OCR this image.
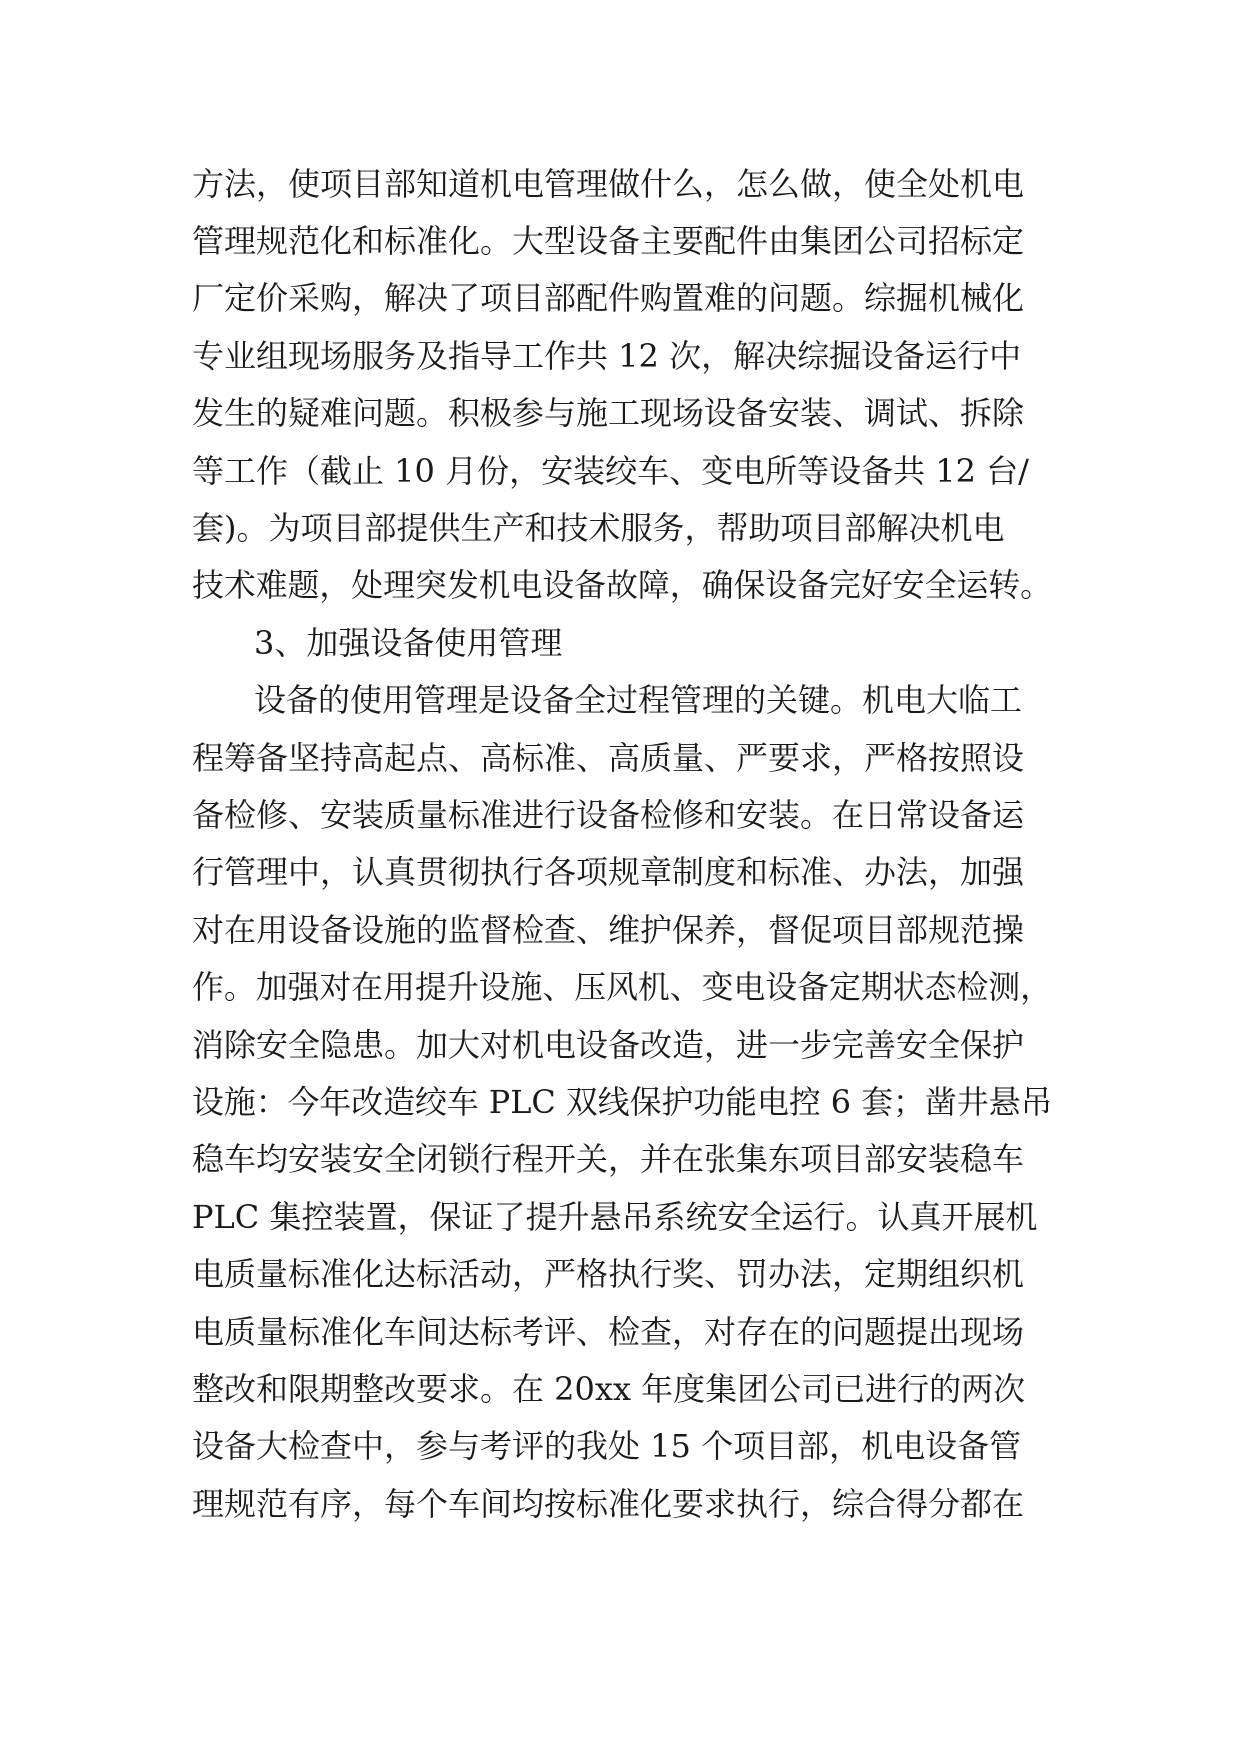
方法，使项目部知道机电管理做什么，怎么做，使全处机电
管理规范化和标准化。大型设备主要配件由集团公司招标定
厂定价采购，解决了项目部配件购置难的问题。综掘机械化
专业组现场服务及指导工作共 12 次，解决综掘设备运行中
发生的疑难问题。积极参与施工现场设备安装、调试、拆除
等工作（截止 10 月份，安装绞车、变电所等设备共 12 台/
套)。为项目部提供生产和技术服务，帮助项目部解决机电
技术难题，处理突发机电设备故障，确保设备完好安全运转。
3、加强设备使用管理
设备的使用管理是设备全过程管理的关键。机电大临工
程筹备坚持高起点、高标准、高质量、严要求，严格按照设
备检修、安装质量标准进行设备检修和安装。在日常设备运
行管理中，认真贯彻执行各项规章制度和标准、办法，加强
对在用设备设施的监督检查、维护保养，督促项目部规范操
作。加强对在用提升设施、压风机、变电设备定期状态检测，
消除安全隐患。加大对机电设备改造，进一步完善安全保护
设施：今年改造绞车 PLC 双线保护功能电控 6 套；凿井悬吊
稳车均安装安全闭锁行程开关，并在张集东项目部安装稳车
PLC 集控装置，保证了提升悬吊系统安全运行。认真开展机
电质量标准化达标活动，严格执行奖、罚办法，定期组织机
电质量标准化车间达标考评、检查，对存在的问题提出现场
整改和限期整改要求。在 20xx 年度集团公司已进行的两次
设备大检查中，参与考评的我处 15 个项目部，机电设备管
理规范有序，每个车间均按标准化要求执行，综合得分都在
